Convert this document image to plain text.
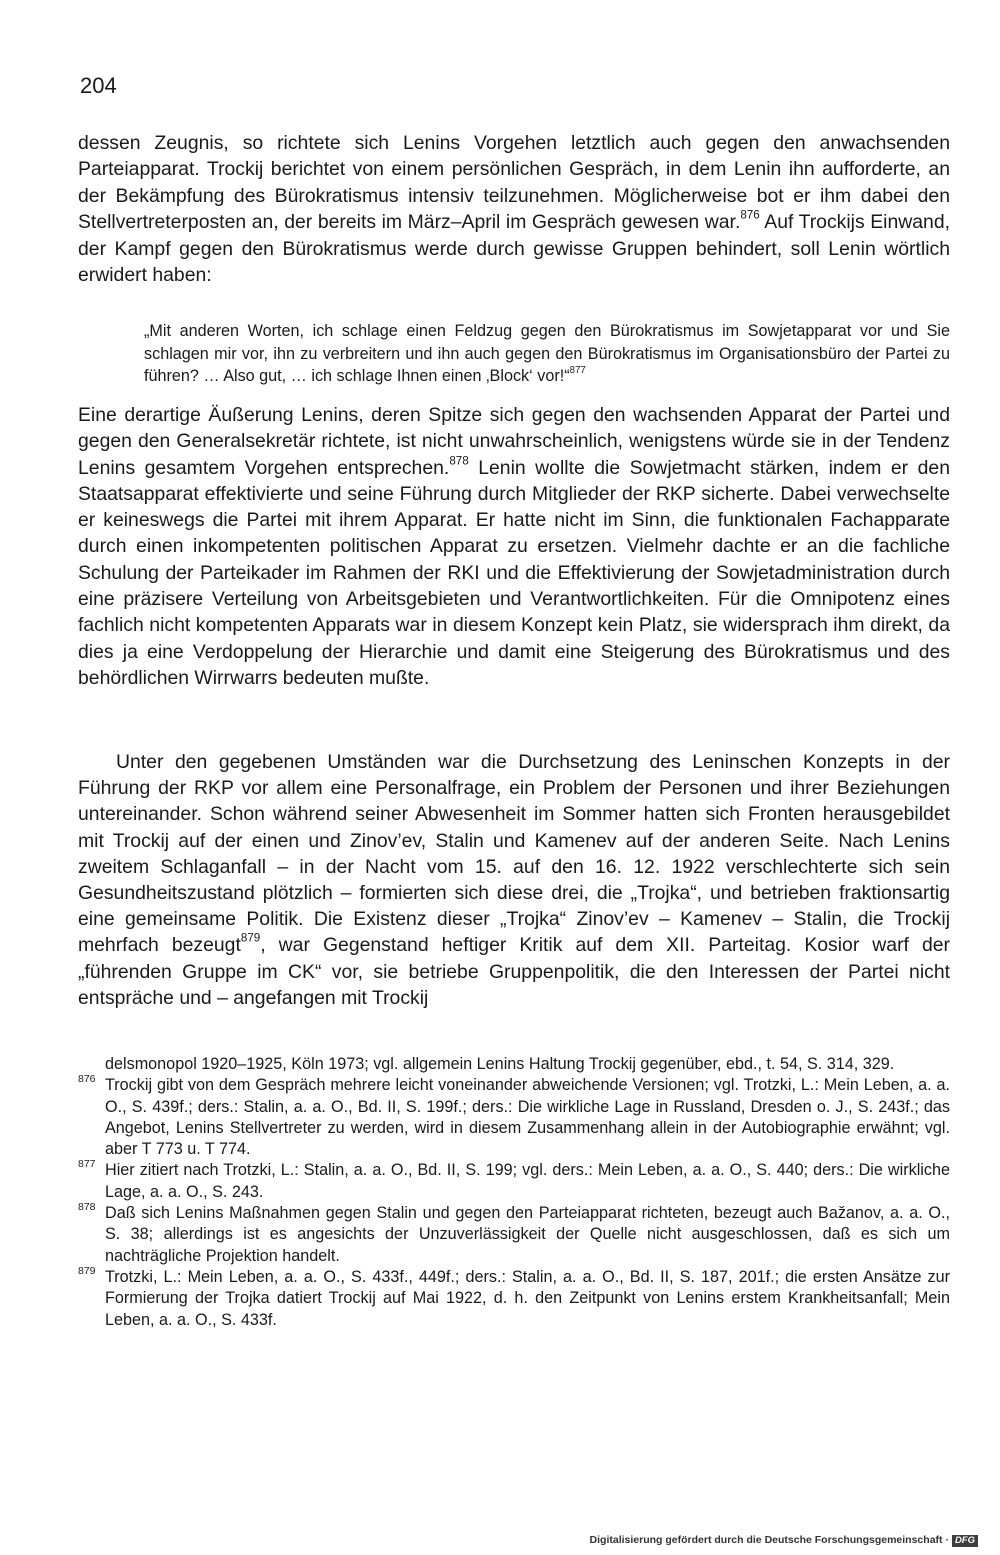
204

dessen Zeugnis, so richtete sich Lenins Vorgehen letztlich auch gegen den anwachsenden Parteiapparat. Trockij berichtet von einem persönlichen Gespräch, in dem Lenin ihn aufforderte, an der Bekämpfung des Bürokratismus intensiv teilzunehmen. Möglicherweise bot er ihm dabei den Stellvertreterposten an, der bereits im März–April im Gespräch gewesen war.$^{876}$ Auf Trockijs Einwand, der Kampf gegen den Bürokratismus werde durch gewisse Gruppen behindert, soll Lenin wörtlich erwidert haben:

„Mit anderen Worten, ich schlage einen Feldzug gegen den Bürokratismus im Sowjetapparat vor und Sie schlagen mir vor, ihn zu verbreitern und ihn auch gegen den Bürokratismus im Organisationsbüro der Partei zu führen? … Also gut, … ich schlage Ihnen einen ‚Block‘ vor!“$^{877}$

Eine derartige Äußerung Lenins, deren Spitze sich gegen den wachsenden Apparat der Partei und gegen den Generalsekretär richtete, ist nicht unwahrscheinlich, wenigstens würde sie in der Tendenz Lenins gesamtem Vorgehen entsprechen.$^{878}$ Lenin wollte die Sowjetmacht stärken, indem er den Staatsapparat effektivierte und seine Führung durch Mitglieder der RKP sicherte. Dabei verwechselte er keineswegs die Partei mit ihrem Apparat. Er hatte nicht im Sinn, die funktionalen Fachapparate durch einen inkompetenten politischen Apparat zu ersetzen. Vielmehr dachte er an die fachliche Schulung der Parteikader im Rahmen der RKI und die Effektivierung der Sowjetadministration durch eine präzisere Verteilung von Arbeitsgebieten und Verantwortlichkeiten. Für die Omnipotenz eines fachlich nicht kompetenten Apparats war in diesem Konzept kein Platz, sie widersprach ihm direkt, da dies ja eine Verdoppelung der Hierarchie und damit eine Steigerung des Bürokratismus und des behördlichen Wirrwarrs bedeuten mußte.

Unter den gegebenen Umständen war die Durchsetzung des Leninschen Konzepts in der Führung der RKP vor allem eine Personalfrage, ein Problem der Personen und ihrer Beziehungen untereinander. Schon während seiner Abwesenheit im Sommer hatten sich Fronten herausgebildet mit Trockij auf der einen und Zinov’ev, Stalin und Kamenev auf der anderen Seite. Nach Lenins zweitem Schlaganfall – in der Nacht vom 15. auf den 16. 12. 1922 verschlechterte sich sein Gesundheitszustand plötzlich – formierten sich diese drei, die „Trojka“, und betrieben fraktionsartig eine gemeinsame Politik. Die Existenz dieser „Trojka“ Zinov’ev – Kamenev – Stalin, die Trockij mehrfach bezeugt$^{879}$, war Gegenstand heftiger Kritik auf dem XII. Parteitag. Kosior warf der „führenden Gruppe im CK“ vor, sie betriebe Gruppenpolitik, die den Interessen der Partei nicht entspräche und – angefangen mit Trockij

delsmonopol 1920–1925, Köln 1973; vgl. allgemein Lenins Haltung Trockij gegenüber, ebd., t. 54, S. 314, 329.

876 Trockij gibt von dem Gespräch mehrere leicht voneinander abweichende Versionen; vgl. Trotzki, L.: Mein Leben, a. a. O., S. 439f.; ders.: Stalin, a. a. O., Bd. II, S. 199f.; ders.: Die wirkliche Lage in Russland, Dresden o. J., S. 243f.; das Angebot, Lenins Stellvertreter zu werden, wird in diesem Zusammenhang allein in der Autobiographie erwähnt; vgl. aber T 773 u. T 774.

877 Hier zitiert nach Trotzki, L.: Stalin, a. a. O., Bd. II, S. 199; vgl. ders.: Mein Leben, a. a. O., S. 440; ders.: Die wirkliche Lage, a. a. O., S. 243.

878 Daß sich Lenins Maßnahmen gegen Stalin und gegen den Parteiapparat richteten, bezeugt auch Bažanov, a. a. O., S. 38; allerdings ist es angesichts der Unzuverlässigkeit der Quelle nicht ausgeschlossen, daß es sich um nachträgliche Projektion handelt.

879 Trotzki, L.: Mein Leben, a. a. O., S. 433f., 449f.; ders.: Stalin, a. a. O., Bd. II, S. 187, 201f.; die ersten Ansätze zur Formierung der Trojka datiert Trockij auf Mai 1922, d. h. den Zeitpunkt von Lenins erstem Krankheitsanfall; Mein Leben, a. a. O., S. 433f.

Digitalisierung gefördert durch die Deutsche Forschungsgemeinschaft · DFG
